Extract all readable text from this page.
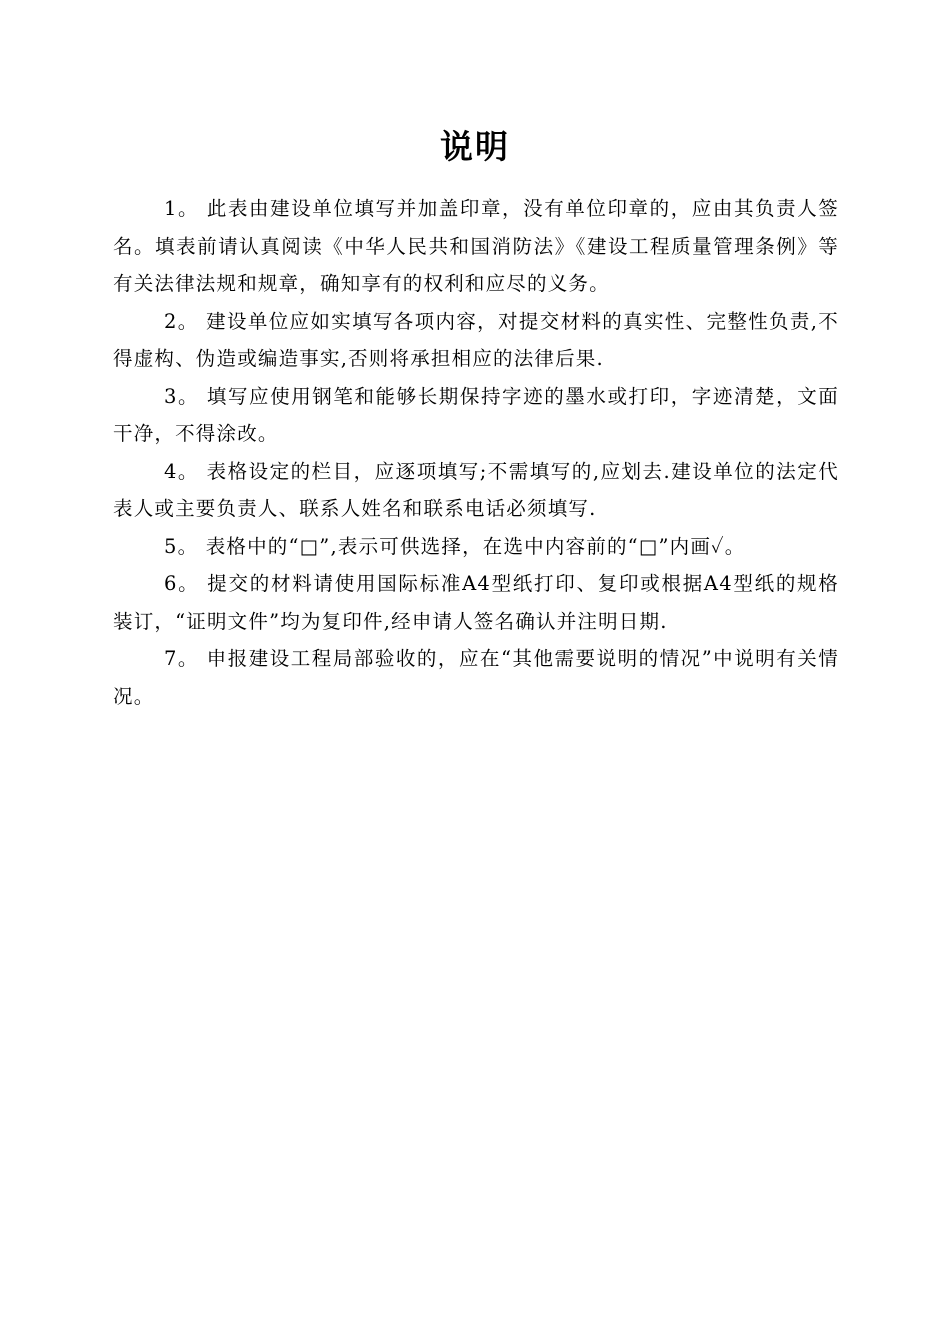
说明

1。 此表由建设单位填写并加盖印章，没有单位印章的，应由其负责人签名。填表前请认真阅读《中华人民共和国消防法》《建设工程质量管理条例》等有关法律法规和规章，确知享有的权利和应尽的义务。

2。 建设单位应如实填写各项内容，对提交材料的真实性、完整性负责,不得虚构、伪造或编造事实,否则将承担相应的法律后果.

3。 填写应使用钢笔和能够长期保持字迹的墨水或打印，字迹清楚，文面干净，不得涂改。

4。 表格设定的栏目，应逐项填写;不需填写的,应划去.建设单位的法定代表人或主要负责人、联系人姓名和联系电话必须填写.

5。 表格中的“□”,表示可供选择，在选中内容前的“□”内画✓。

6。 提交的材料请使用国际标准A4型纸打印、复印或根据A4型纸的规格装订，“证明文件”均为复印件,经申请人签名确认并注明日期.

7。 申报建设工程局部验收的，应在“其他需要说明的情况”中说明有关情况。
